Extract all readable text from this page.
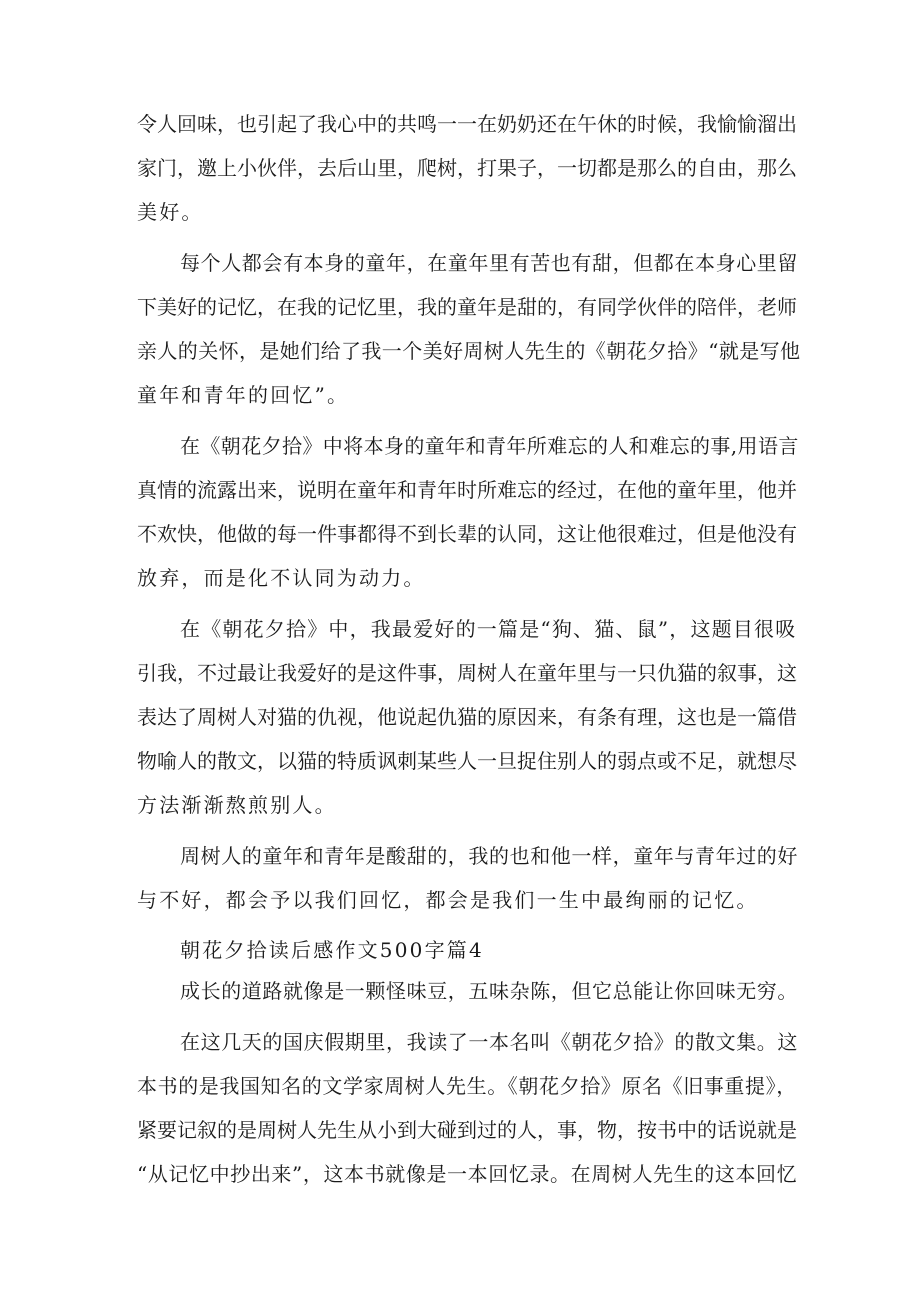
令人回味，也引起了我心中的共鸣一一在奶奶还在午休的时候，我愉愉溜出
家门，邀上小伙伴，去后山里，爬树，打果子，一切都是那么的自由，那么
美好。
每个人都会有本身的童年，在童年里有苦也有甜，但都在本身心里留
下美好的记忆，在我的记忆里，我的童年是甜的，有同学伙伴的陪伴，老师
亲人的关怀，是她们给了我一个美好周树人先生的《朝花夕拾》“就是写他
童年和青年的回忆”。
在《朝花夕拾》中将本身的童年和青年所难忘的人和难忘的事,用语言
真情的流露出来，说明在童年和青年时所难忘的经过，在他的童年里，他并
不欢快，他做的每一件事都得不到长辈的认同，这让他很难过，但是他没有
放弃，而是化不认同为动力。
在《朝花夕拾》中，我最爱好的一篇是“狗、猫、鼠”，这题目很吸
引我，不过最让我爱好的是这件事，周树人在童年里与一只仇猫的叙事，这
表达了周树人对猫的仇视，他说起仇猫的原因来，有条有理，这也是一篇借
物喻人的散文，以猫的特质讽刺某些人一旦捉住别人的弱点或不足，就想尽
方法渐渐熬煎别人。
周树人的童年和青年是酸甜的，我的也和他一样，童年与青年过的好
与不好，都会予以我们回忆，都会是我们一生中最绚丽的记忆。
朝花夕拾读后感作文500字篇4
成长的道路就像是一颗怪味豆，五味杂陈，但它总能让你回味无穷。
在这几天的国庆假期里，我读了一本名叫《朝花夕拾》的散文集。这
本书的是我国知名的文学家周树人先生。《朝花夕拾》原名《旧事重提》，
紧要记叙的是周树人先生从小到大碰到过的人，事，物，按书中的话说就是
“从记忆中抄出来”，这本书就像是一本回忆录。在周树人先生的这本回忆
